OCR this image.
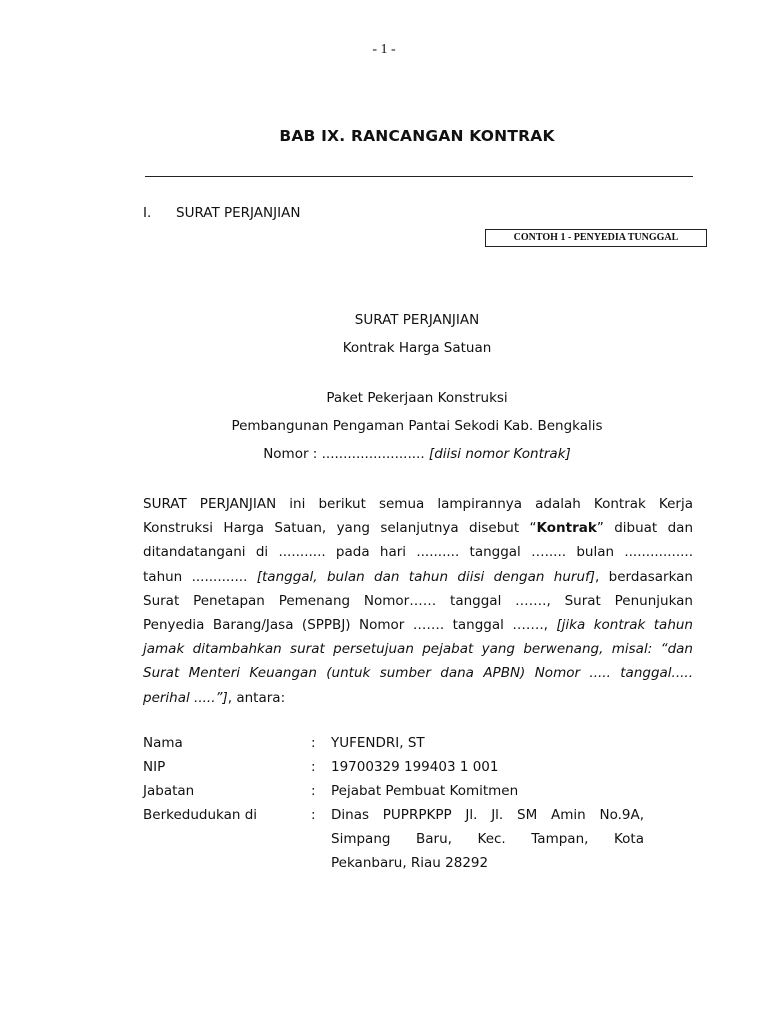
- 1 -
BAB IX. RANCANGAN KONTRAK
I. SURAT PERJANJIAN
CONTOH 1 - PENYEDIA TUNGGAL
SURAT PERJANJIAN
Kontrak Harga Satuan
Paket Pekerjaan Konstruksi
Pembangunan Pengaman Pantai Sekodi Kab. Bengkalis
Nomor : ........................ [diisi nomor Kontrak]
SURAT PERJANJIAN ini berikut semua lampirannya adalah Kontrak Kerja
Konstruksi Harga Satuan, yang selanjutnya disebut “Kontrak” dibuat dan
ditandatangani di ........... pada hari .......... tanggal …..... bulan ................
tahun ............. [tanggal, bulan dan tahun diisi dengan huruf], berdasarkan
Surat Penetapan Pemenang Nomor…… tanggal ……., Surat Penunjukan
Penyedia Barang/Jasa (SPPBJ) Nomor ……. tanggal ……., [jika kontrak tahun
jamak ditambahkan surat persetujuan pejabat yang berwenang, misal: “dan
Surat Menteri Keuangan (untuk sumber dana APBN) Nomor ..... tanggal.....
perihal .....”], antara:
Nama	: YUFENDRI, ST
NIP	: 19700329 199403 1 001
Jabatan	: Pejabat Pembuat Komitmen
Berkedudukan di	: Dinas PUPRPKPP Jl. Jl. SM Amin No.9A,
Simpang Baru, Kec. Tampan, Kota
Pekanbaru, Riau 28292
